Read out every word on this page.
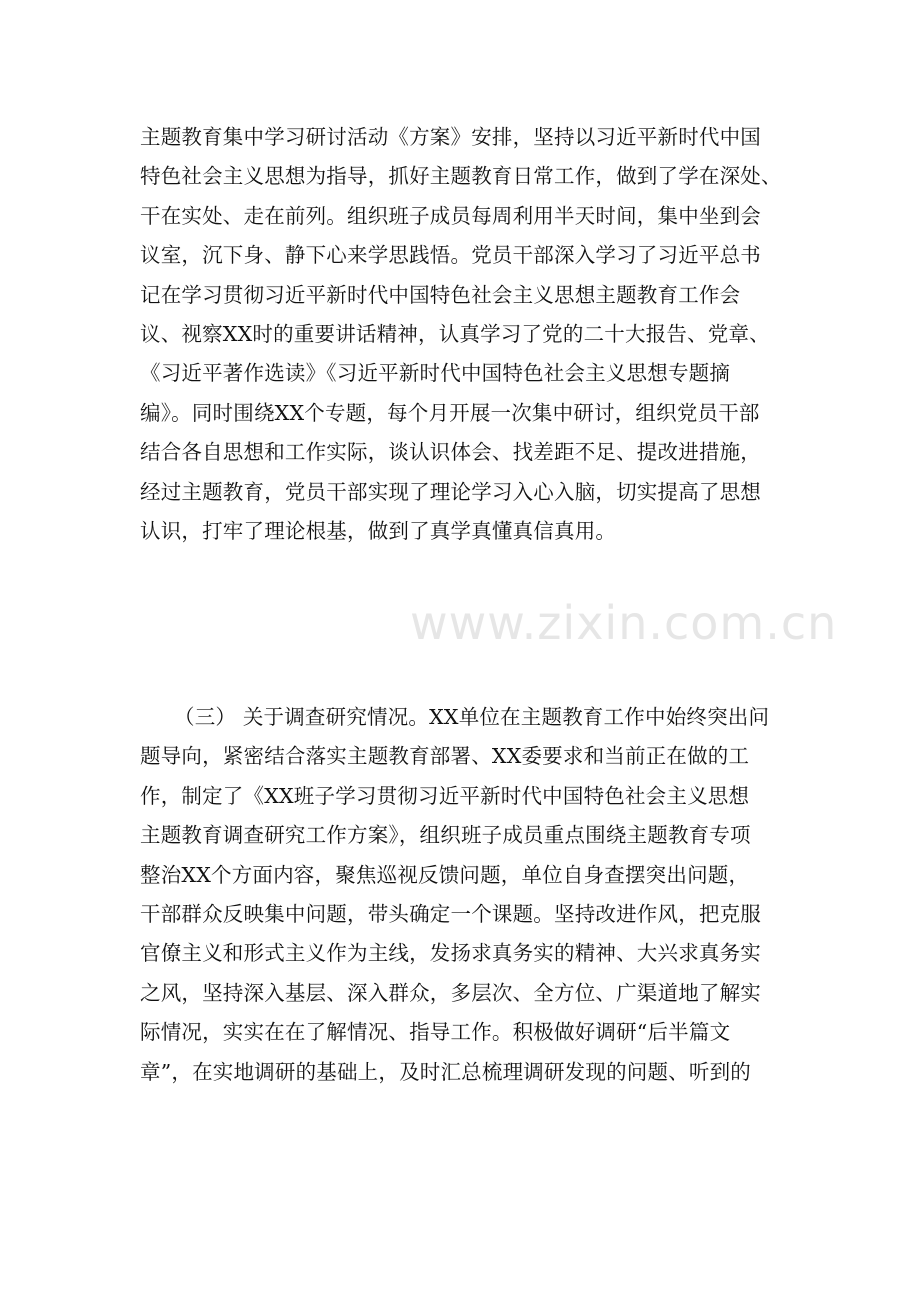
www.zixin.com.cn
主题教育集中学习研讨活动《方案》安排，坚持以习近平新时代中国
特色社会主义思想为指导，抓好主题教育日常工作，做到了学在深处、
干在实处、走在前列。组织班子成员每周利用半天时间，集中坐到会
议室，沉下身、静下心来学思践悟。党员干部深入学习了习近平总书
记在学习贯彻习近平新时代中国特色社会主义思想主题教育工作会
议、视察XX时的重要讲话精神，认真学习了党的二十大报告、党章、
《习近平著作选读》《习近平新时代中国特色社会主义思想专题摘
编》。同时围绕XX个专题，每个月开展一次集中研讨，组织党员干部
结合各自思想和工作实际，谈认识体会、找差距不足、提改进措施，
经过主题教育，党员干部实现了理论学习入心入脑，切实提高了思想
认识，打牢了理论根基，做到了真学真懂真信真用。
（三） 关于调查研究情况。XX单位在主题教育工作中始终突出问
题导向，紧密结合落实主题教育部署、XX委要求和当前正在做的工
作，制定了《XX班子学习贯彻习近平新时代中国特色社会主义思想
主题教育调查研究工作方案》，组织班子成员重点围绕主题教育专项
整治XX个方面内容，聚焦巡视反馈问题，单位自身查摆突出问题，
干部群众反映集中问题，带头确定一个课题。坚持改进作风，把克服
官僚主义和形式主义作为主线，发扬求真务实的精神、大兴求真务实
之风，坚持深入基层、深入群众，多层次、全方位、广渠道地了解实
际情况，实实在在了解情况、指导工作。积极做好调研“后半篇文
章”，在实地调研的基础上，及时汇总梳理调研发现的问题、听到的
